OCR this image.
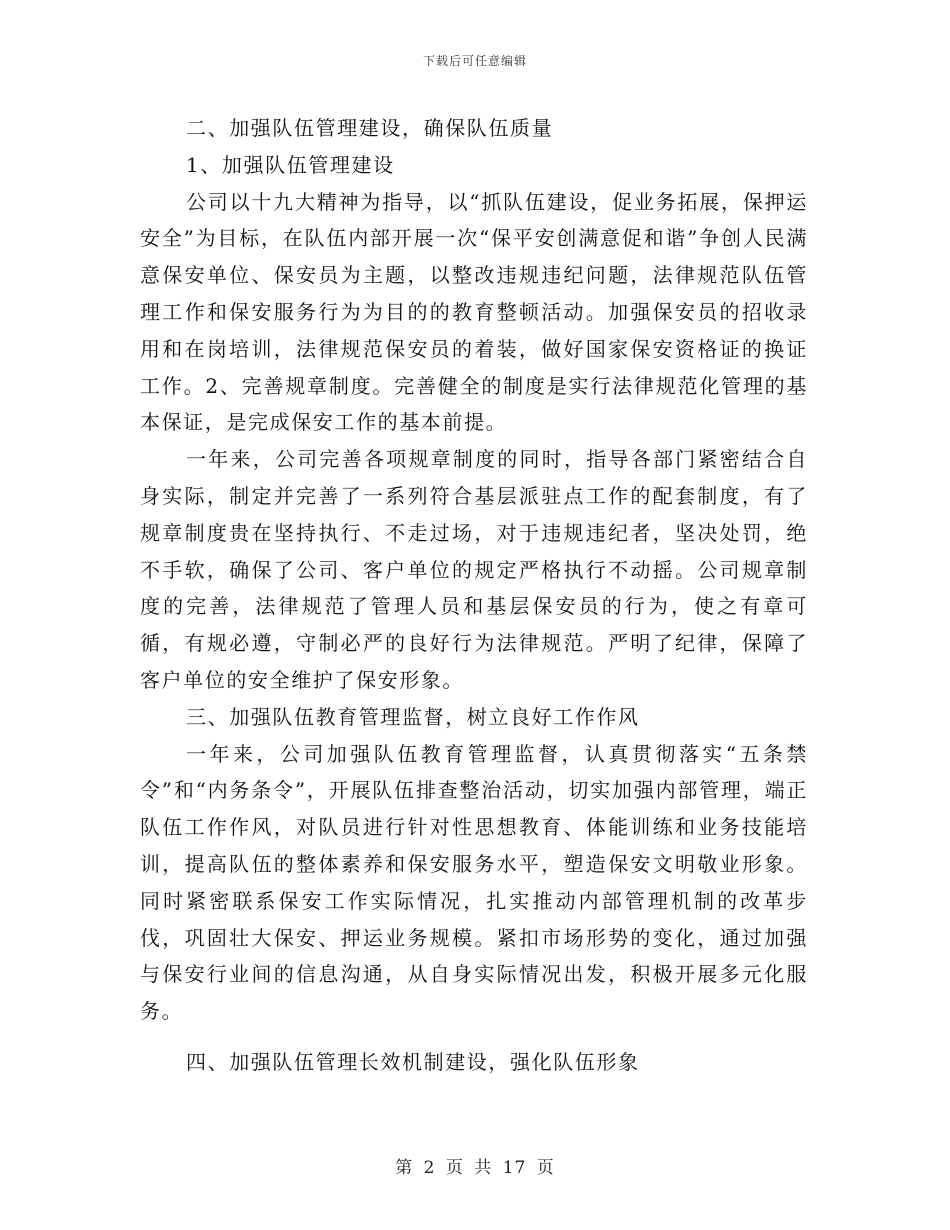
下载后可任意编辑

二、加强队伍管理建设，确保队伍质量

1、加强队伍管理建设

公司以十九大精神为指导，以“抓队伍建设，促业务拓展，保押运安全”为目标，在队伍内部开展一次“保平安创满意促和谐”争创人民满意保安单位、保安员为主题，以整改违规违纪问题，法律规范队伍管理工作和保安服务行为为目的的教育整顿活动。加强保安员的招收录用和在岗培训，法律规范保安员的着装，做好国家保安资格证的换证工作。2、完善规章制度。完善健全的制度是实行法律规范化管理的基本保证，是完成保安工作的基本前提。

一年来，公司完善各项规章制度的同时，指导各部门紧密结合自身实际，制定并完善了一系列符合基层派驻点工作的配套制度，有了规章制度贵在坚持执行、不走过场，对于违规违纪者，坚决处罚，绝不手软，确保了公司、客户单位的规定严格执行不动摇。公司规章制度的完善，法律规范了管理人员和基层保安员的行为，使之有章可循，有规必遵，守制必严的良好行为法律规范。严明了纪律，保障了客户单位的安全维护了保安形象。

三、加强队伍教育管理监督，树立良好工作作风

一年来，公司加强队伍教育管理监督，认真贯彻落实“五条禁令”和“内务条令”，开展队伍排查整治活动，切实加强内部管理，端正队伍工作作风，对队员进行针对性思想教育、体能训练和业务技能培训，提高队伍的整体素养和保安服务水平，塑造保安文明敬业形象。同时紧密联系保安工作实际情况，扎实推动内部管理机制的改革步伐，巩固壮大保安、押运业务规模。紧扣市场形势的变化，通过加强与保安行业间的信息沟通，从自身实际情况出发，积极开展多元化服务。

四、加强队伍管理长效机制建设，强化队伍形象

第 2 页 共 17 页
